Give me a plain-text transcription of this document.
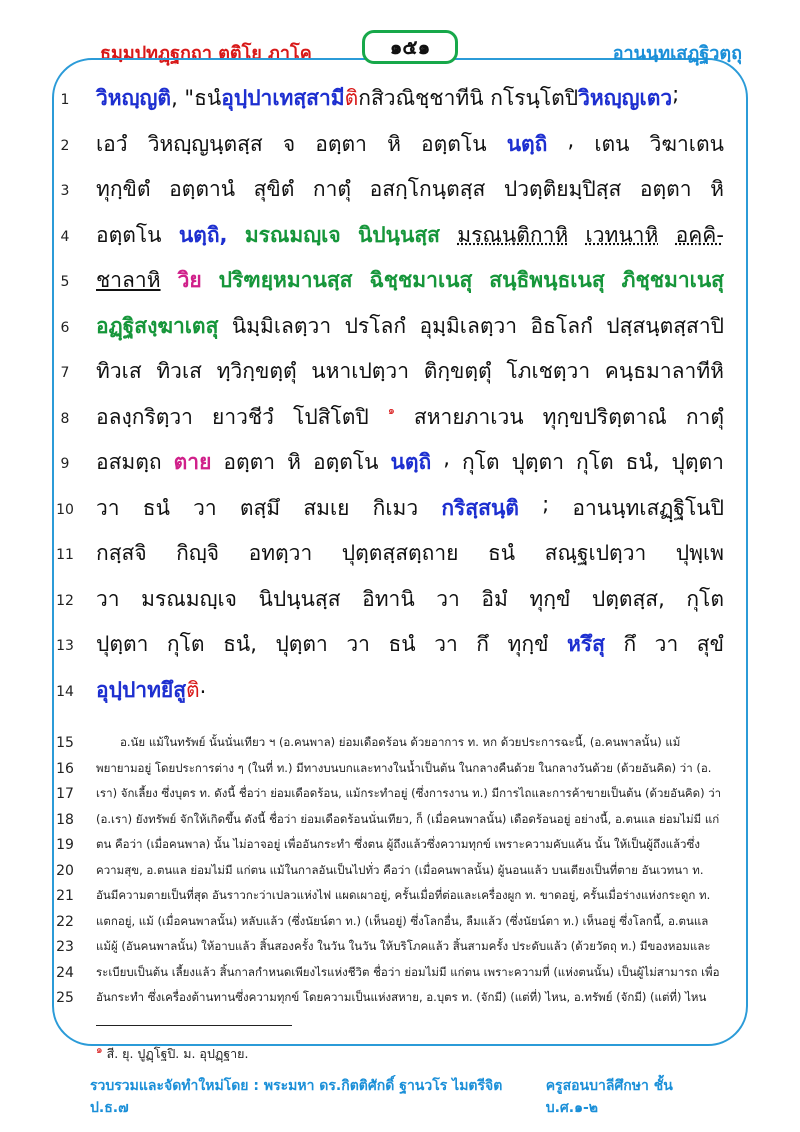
ธมฺมปทฏฺฐกถา ตติโย ภาโค	๑๕๑	อานนฺทเสฏฺฐิวตฺถุ
1	วิหญฺญติ , "ธนํ อุปฺปาเทสฺสามี ติ กสิวณิชฺชาทีนิ กโรนฺโตปิ วิหญฺญเตว ;
2	เอวํ วิหญฺญนฺตสฺส จ อตฺตา หิ อตฺตโน นตฺถิ , เตน วิฆาเตน
3	ทุกฺขิตํ อตฺตานํ สุขิตํ กาตุํ อสกฺโกนฺตสฺส ปวตฺติยมฺปิสฺส อตฺตา หิ
4	อตฺตโน นตฺถิ, มรณมญฺเจ นิปนฺนสฺส มรณนฺติกาหิ เวทนาหิ อคฺคิ-
5	ชาลาหิ วิย ปริฑยฺหมานสฺส ฉิชฺชมาเนสุ สนฺธิพนฺธเนสุ ภิชฺชมาเนสุ
6	อฏฺฐิสงฺฆาเตสุ นิมฺมิเลตฺวา ปรโลกํ อุมฺมิเลตฺวา อิธโลกํ ปสฺสนฺตสฺสาปิ
7	ทิวเส ทิวเส ทฺวิกฺขตฺตุํ นหาเปตฺวา ติกฺขตฺตุํ โภเชตฺวา คนฺธมาลาทีหิ
8	อลงฺกริตฺวา ยาวชีวํ โปสิโตปิ ๑ สหายภาเวน ทุกฺขปริตฺตาณํ กาตุํ
9	อสมตฺถ ตาย อตฺตา หิ อตฺตโน นตฺถิ , กุโต ปุตฺตา กุโต ธนํ, ปุตฺตา
10 วา ธนํ วา ตสฺมึ สมเย กิเมว กริสฺสนฺติ ; อานนฺทเสฏฺฐิโนปิ
11 กสฺสจิ กิญฺจิ อทตฺวา ปุตฺตสฺสตฺถาย ธนํ สณฺฐเปตฺวา ปุพฺเพ
12 วา มรณมญฺเจ นิปนฺนสฺส อิทานิ วา อิมํ ทุกฺขํ ปตฺตสฺส, กุโต
13 ปุตฺตา กุโต ธนํ, ปุตฺตา วา ธนํ วา กึ ทุกฺขํ หรึสุ กึ วา สุขํ
14 อุปฺปาทยึสู ติ .
15	อ.นัย แม้ในทรัพย์ นั้นนั่นเทียว ฯ (อ.คนพาล) ย่อมเดือดร้อน ด้วยอาการ ท. หก ด้วยประการฉะนี้, (อ.คนพาลนั้น) แม้
16	พยายามอยู่ โดยประการต่าง ๆ (ในที่ ท.) มีทางบนบกและทางในน้ำเป็นต้น ในกลางคืนด้วย ในกลางวันด้วย (ด้วยอันคิด) ว่า (อ.
17	เรา) จักเลี้ยง ซึ่งบุตร ท. ดังนี้ ชื่อว่า ย่อมเดือดร้อน, แม้กระทำอยู่ (ซึ่งการงาน ท.) มีการไถและการค้าขายเป็นต้น (ด้วยอันคิด) ว่า
18	(อ.เรา) ยังทรัพย์ จักให้เกิดขึ้น ดังนี้ ชื่อว่า ย่อมเดือดร้อนนั่นเทียว, ก็ (เมื่อคนพาลนั้น) เดือดร้อนอยู่ อย่างนี้, อ.ตนแล ย่อมไม่มี แก่
19	ตน คือว่า (เมื่อคนพาล) นั้น ไม่อาจอยู่ เพื่ออันกระทำ ซึ่งตน ผู้ถึงแล้วซึ่งความทุกข์ เพราะความคับแค้น นั้น ให้เป็นผู้ถึงแล้วซึ่ง
20	ความสุข, อ.ตนแล ย่อมไม่มี แก่ตน แม้ในกาลอันเป็นไปทั่ว คือว่า (เมื่อคนพาลนั้น) ผู้นอนแล้ว บนเตียงเป็นที่ตาย อันเวทนา ท.
21	อันมีความตายเป็นที่สุด อันราวกะว่าเปลวแห่งไฟ แผดเผาอยู่, ครั้นเมื่อที่ต่อและเครื่องผูก ท. ขาดอยู่, ครั้นเมื่อร่างแห่งกระดูก ท.
22	แตกอยู่, แม้ (เมื่อคนพาลนั้น) หลับแล้ว (ซึ่งนัยน์ตา ท.) (เห็นอยู่) ซึ่งโลกอื่น, ลืมแล้ว (ซึ่งนัยน์ตา ท.) เห็นอยู่ ซึ่งโลกนี้, อ.ตนแล
23	แม้ผู้ (อันคนพาลนั้น) ให้อาบแล้ว สิ้นสองครั้ง ในวัน ในวัน ให้บริโภคแล้ว สิ้นสามครั้ง ประดับแล้ว (ด้วยวัตถุ ท.) มีของหอมและ
24	ระเบียบเป็นต้น เลี้ยงแล้ว สิ้นกาลกำหนดเพียงไรแห่งชีวิต ชื่อว่า ย่อมไม่มี แก่ตน เพราะความที่ (แห่งตนนั้น) เป็นผู้ไม่สามารถ เพื่อ
25	อันกระทำ ซึ่งเครื่องต้านทานซึ่งความทุกข์ โดยความเป็นแห่งสหาย, อ.บุตร ท. (จักมี) (แต่ที่) ไหน, อ.ทรัพย์ (จักมี) (แต่ที่) ไหน
$^๑$ สี. ยุ. ปูฏฺโฐปิ. ม. อุปฏฺฐาย.
รวบรวมและจัดทำใหม่โดย : พระมหา ดร.กิตติศักดิ์ ฐานวโร ไมตรีจิต ป.ธ.๗
ครูสอนบาลีศึกษา ชั้น บ.ศ.๑-๒
